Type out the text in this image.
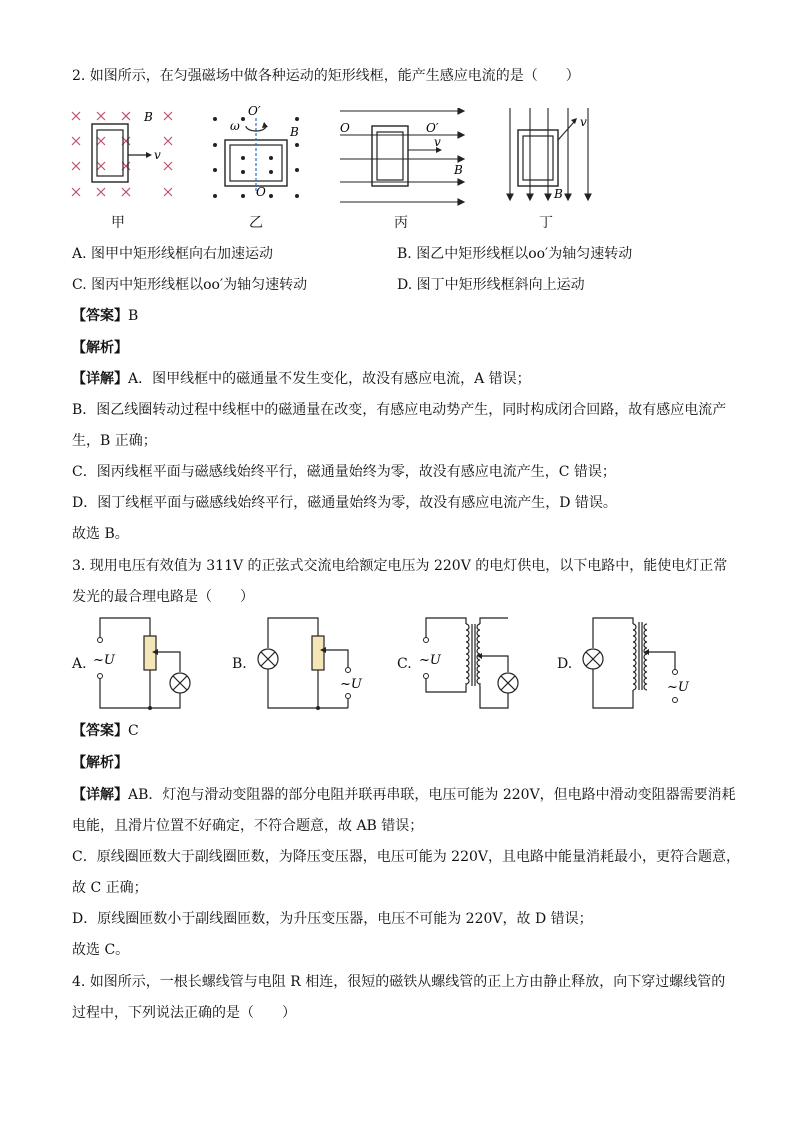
2. 如图所示，在匀强磁场中做各种运动的矩形线框，能产生感应电流的是（　　）
v
B
甲
O′
ω	B
O
乙
O	O′
v
B
丙
v
B
丁
A. 图甲中矩形线框向右加速运动	B. 图乙中矩形线框以oo′为轴匀速转动
C. 图丙中矩形线框以oo′为轴匀速转动	D. 图丁中矩形线框斜向上运动
【答案】B
【解析】
【详解】A．图甲线框中的磁通量不发生变化，故没有感应电流，A 错误；
B．图乙线圈转动过程中线框中的磁通量在改变，有感应电动势产生，同时构成闭合回路，故有感应电流产
生，B 正确；
C．图丙线框平面与磁感线始终平行，磁通量始终为零，故没有感应电流产生，C 错误；
D．图丁线框平面与磁感线始终平行，磁通量始终为零，故没有感应电流产生，D 错误。
故选 B。
3. 现用电压有效值为 311V 的正弦式交流电给额定电压为 220V 的电灯供电，以下电路中，能使电灯正常
发光的最合理电路是（　　）
A. ~U	B.
~U
C. ~U	D.
~U
【答案】C
【解析】
【详解】AB．灯泡与滑动变阻器的部分电阻并联再串联，电压可能为 220V，但电路中滑动变阻器需要消耗
电能，且滑片位置不好确定，不符合题意，故 AB 错误；
C．原线圈匝数大于副线圈匝数，为降压变压器，电压可能为 220V，且电路中能量消耗最小，更符合题意，
故 C 正确；
D．原线圈匝数小于副线圈匝数，为升压变压器，电压不可能为 220V，故 D 错误；
故选 C。
4. 如图所示，一根长螺线管与电阻 R 相连，很短的磁铁从螺线管的正上方由静止释放，向下穿过螺线管的
过程中，下列说法正确的是（　　）
